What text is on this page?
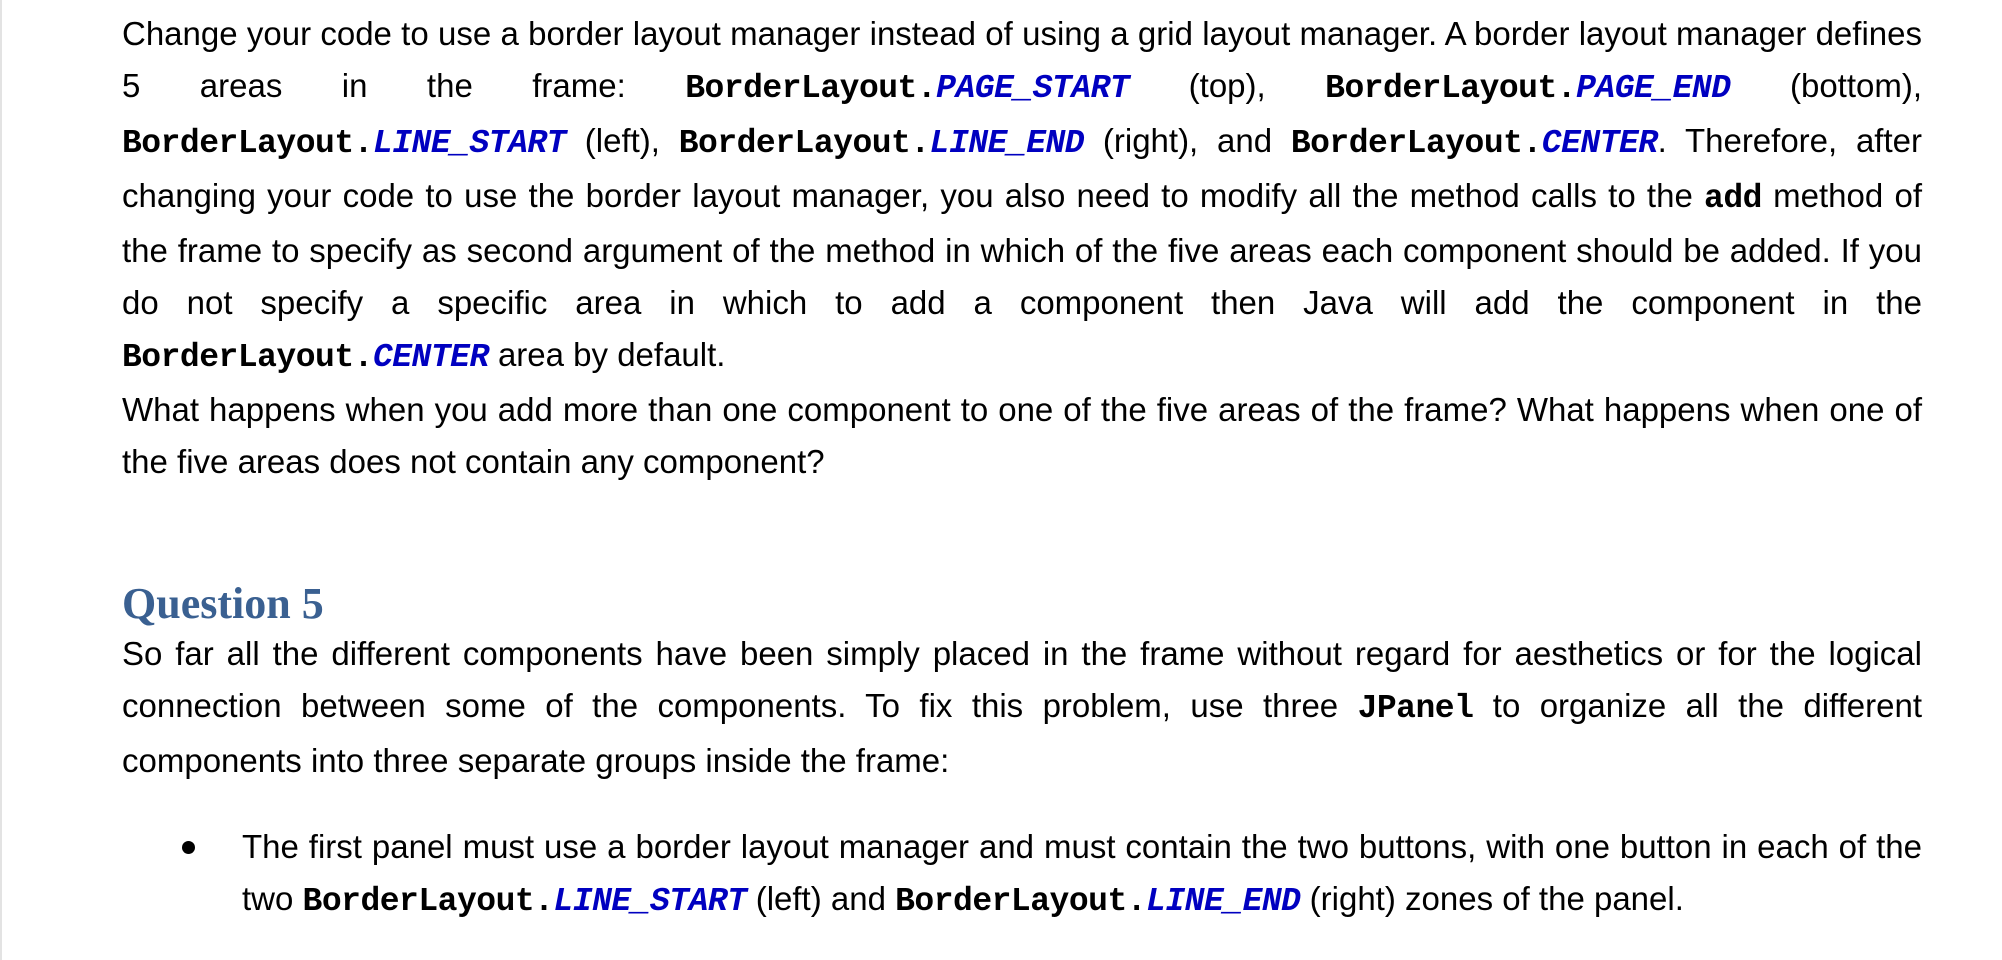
Change your code to use a border layout manager instead of using a grid layout manager. A border layout manager defines 5 areas in the frame: BorderLayout.PAGE_START (top), BorderLayout.PAGE_END (bottom), BorderLayout.LINE_START (left), BorderLayout.LINE_END (right), and BorderLayout.CENTER. Therefore, after changing your code to use the border layout manager, you also need to modify all the method calls to the add method of the frame to specify as second argument of the method in which of the five areas each component should be added. If you do not specify a specific area in which to add a component then Java will add the component in the BorderLayout.CENTER area by default.

What happens when you add more than one component to one of the five areas of the frame? What happens when one of the five areas does not contain any component?

Question 5

So far all the different components have been simply placed in the frame without regard for aesthetics or for the logical connection between some of the components. To fix this problem, use three JPanel to organize all the different components into three separate groups inside the frame:

The first panel must use a border layout manager and must contain the two buttons, with one button in each of the two BorderLayout.LINE_START (left) and BorderLayout.LINE_END (right) zones of the panel.
